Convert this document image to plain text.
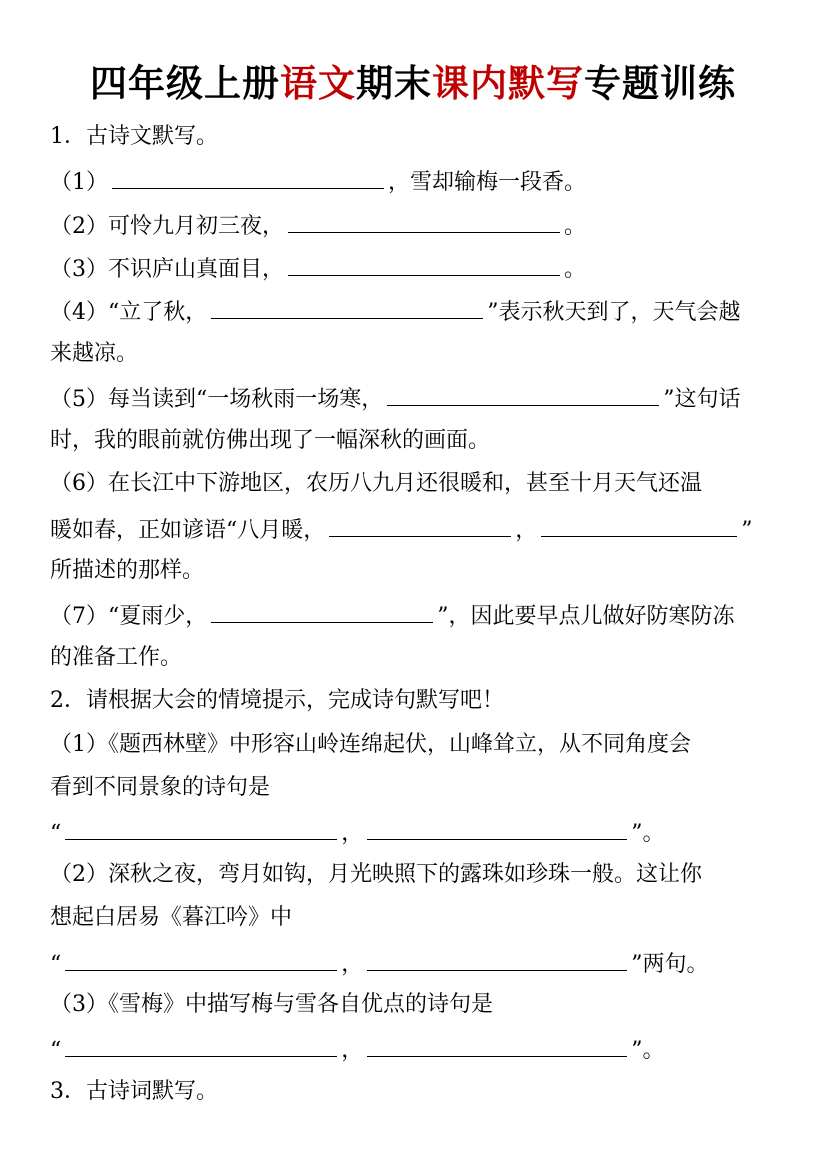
四年级上册语文期末课内默写专题训练
1．古诗文默写。
（1）	，雪却输梅一段香。
（2）可怜九月初三夜，	。
（3）不识庐山真面目，	。
（4）“立了秋，	”表示秋天到了，天气会越
来越凉。
（5）每当读到“一场秋雨一场寒，	”这句话
时，我的眼前就仿佛出现了一幅深秋的画面。
（6）在长江中下游地区，农历八九月还很暖和，甚至十月天气还温
暖如春，正如谚语“八月暖，	，	”
所描述的那样。
（7）“夏雨少，	”，因此要早点儿做好防寒防冻
的准备工作。
2．请根据大会的情境提示，完成诗句默写吧！
（1）《题西林壁》中形容山岭连绵起伏，山峰耸立，从不同角度会
看到不同景象的诗句是
“	，	”。
（2）深秋之夜，弯月如钩，月光映照下的露珠如珍珠一般。这让你
想起白居易《暮江吟》中
“	，	”两句。
（3）《雪梅》中描写梅与雪各自优点的诗句是
“	，	”。
3．古诗词默写。
